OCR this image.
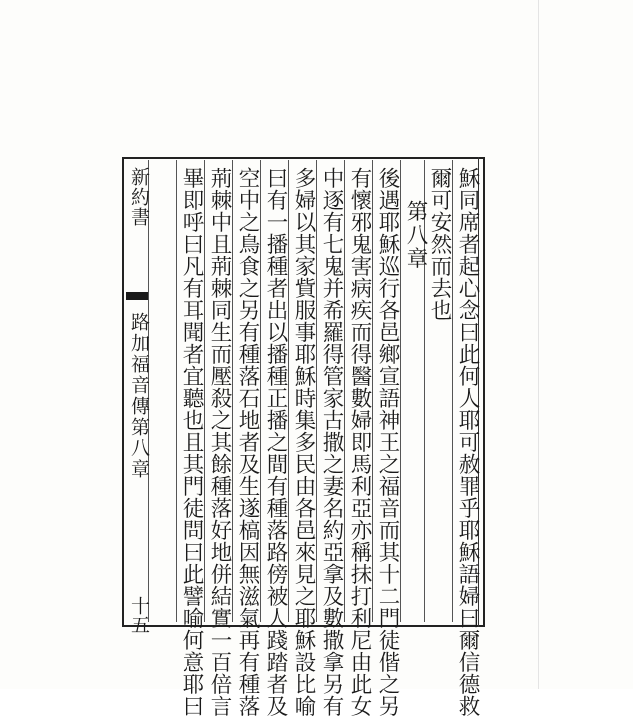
穌同席者起心念曰此何人耶可赦罪乎耶穌語婦曰爾信德救
爾可安然而去也
第八章
後遇耶穌巡行各邑鄉宣語神王之福音而其十二門徒偕之另
有懷邪鬼害病疾而得醫數婦即馬利亞亦稱抹打利尼由此女
中逐有七鬼并希羅得管家古撒之妻名約亞拿及數撒拿另有
多婦以其家貲服事耶穌時集多民由各邑來見之耶穌設比喻
曰有一播種者出以播種正播之間有種落路傍被人踐踏者及
空中之鳥食之另有種落石地者及生遂槁因無滋氣再有種落
荊棘中且荊棘同生而壓殺之其餘種落好地併結實一百倍言
畢即呼曰凡有耳聞者宜聽也且其門徒問曰此譬喻何意耶曰
新約書
路加福音傳第八章
十五
